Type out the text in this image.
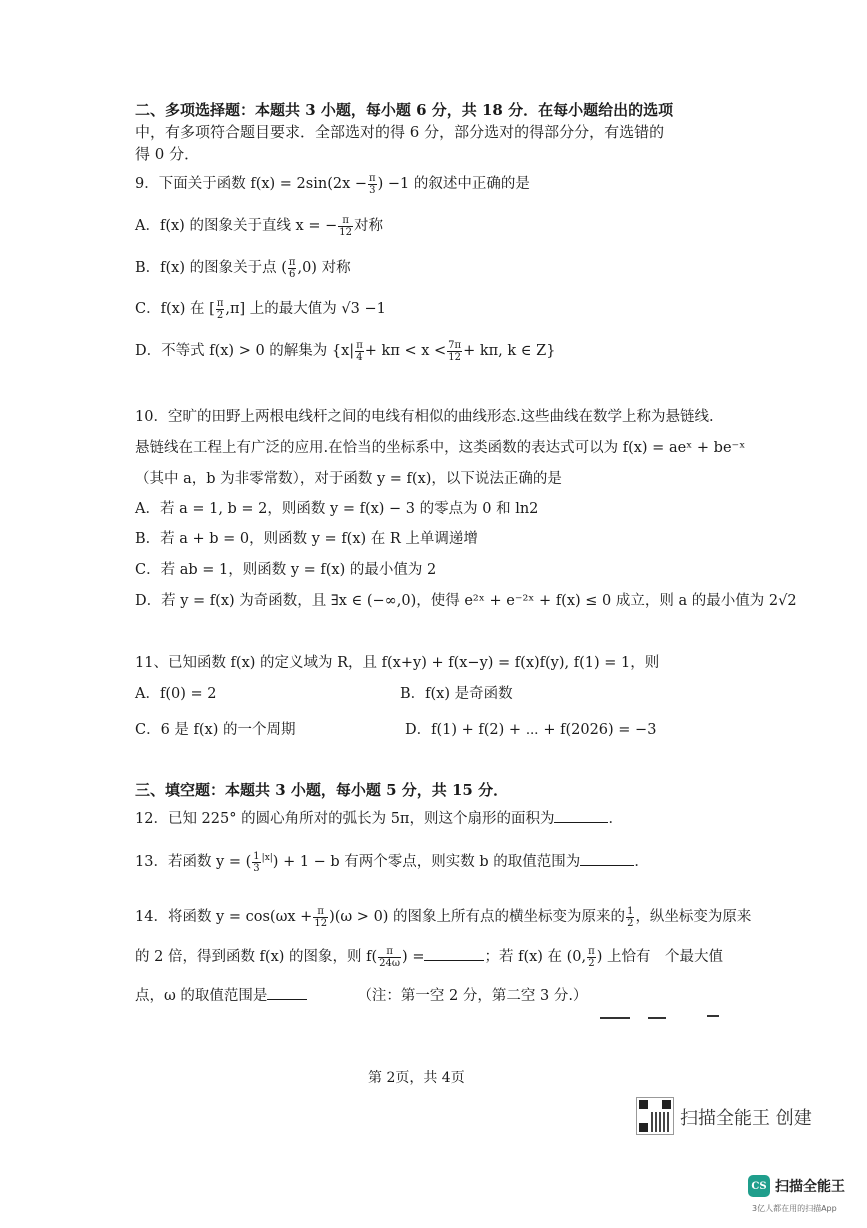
二、多项选择题：本题共 3 小题，每小题 6 分，共 18 分．在每小题给出的选项
中，有多项符合题目要求．全部选对的得 6 分，部分选对的得部分分，有选错的
得 0 分．
9．下面关于函数 $f(x) = 2\sin(2x - \frac{\pi}{3}$ ) −1 的叙述中正确的是
A．f(x) 的图象关于直线 x = − $\frac{\pi}{12}$ 对称
B．f(x) 的图象关于点 ( $\frac{\pi}{6} ,0$) 对称
C．f(x) 在 [ $\frac{\pi}{2} ,\pi$] 上的最大值为 √3 −1
D．不等式 f(x) > 0 的解集为 {$x| \frac{\pi}{4} + k\pi < x < \frac{7\pi}{12} + k\pi$, k ∈ Z}
10．空旷的田野上两根电线杆之间的电线有相似的曲线形态.这些曲线在数学上称为悬链线.
悬链线在工程上有广泛的应用.在恰当的坐标系中，这类函数的表达式可以为 f(x) = aeˣ + be⁻ˣ
（其中 a，b 为非零常数），对于函数 y = f(x)，以下说法正确的是
A．若 a = 1, b = 2，则函数 y = f(x) − 3 的零点为 0 和 ln2
B．若 a + b = 0，则函数 y = f(x) 在 R 上单调递增
C．若 ab = 1，则函数 y = f(x) 的最小值为 2
D．若 y = f(x) 为奇函数，且 ∃x ∈ (−∞,0)，使得 e²ˣ + e⁻²ˣ + f(x) ≤ 0 成立，则 a 的最小值为 2√2
11、已知函数 f(x) 的定义域为 R，且 f(x+y) + f(x−y) = f(x)f(y), f(1) = 1，则
A．f(0) = 2	B．f(x) 是奇函数
C．6 是 f(x) 的一个周期	D．f(1) + f(2) + ⋯ + f(2026) = −3
三、填空题：本题共 3 小题，每小题 5 分，共 15 分．
12．已知 225° 的圆心角所对的弧长为 5π，则这个扇形的面积为	．
13．若函数 y = ( $\frac{1}{3} ^{|x|}) + 1 - b$ 有两个零点，则实数 b 的取值范围为	．
14．将函数 $y = \cos(\omega x + \frac{\pi}{12} )(\omega > 0)$ 的图象上所有点的横坐标变为原来的 $\frac{1}{2}$ ，纵坐标变为原来
的 2 倍，得到函数 f(x) 的图象，则 $f( \frac{\pi}{24\omega}$ ) =	；若 f(x) 在 (0, $\frac{\pi}{2}$ ) 上恰有　个最大值
点，ω 的取值范围是	（注：第一空 2 分，第二空 3 分.）
第 2页，共 4页
扫描全能王 创建
CS 扫描全能王
3亿人都在用的扫描App
